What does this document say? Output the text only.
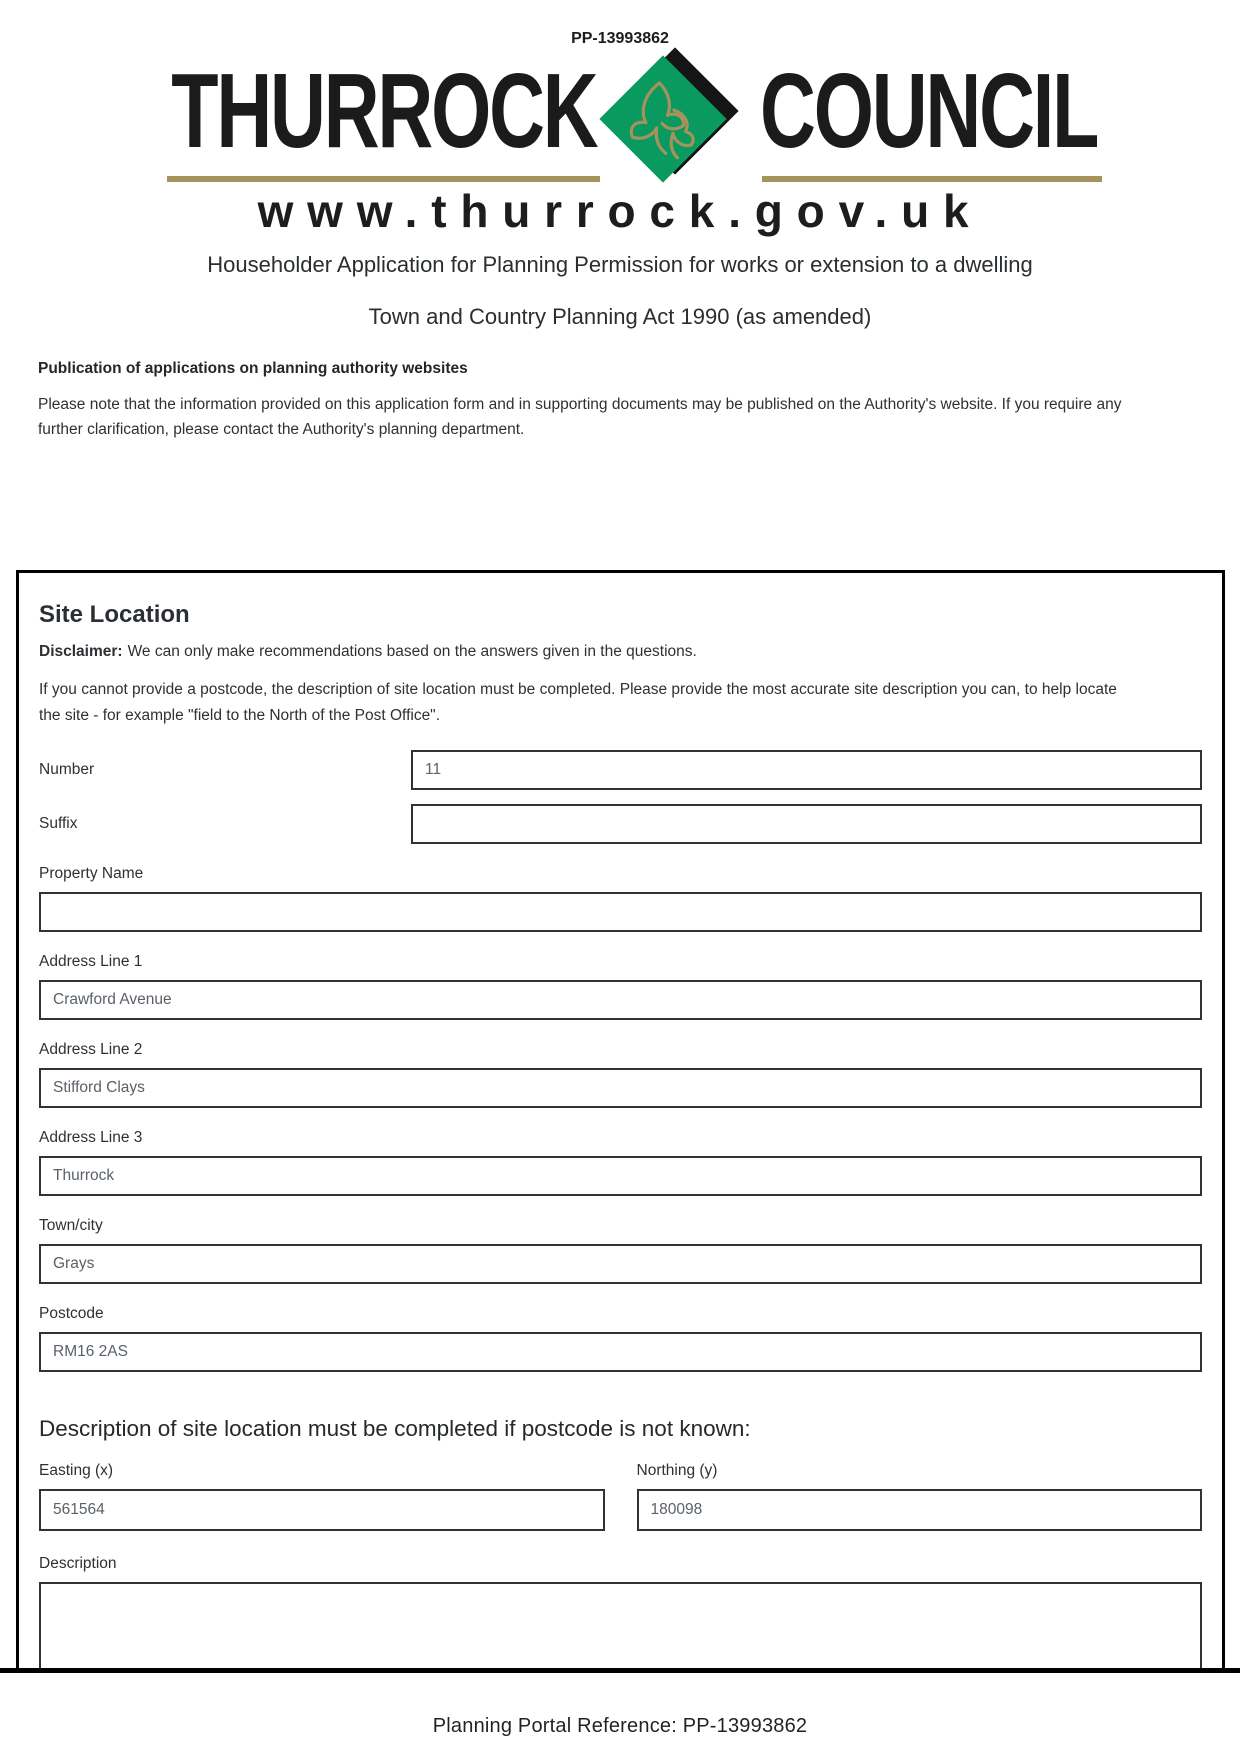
PP-13993862
THURROCK COUNCIL
www.thurrock.gov.uk
Householder Application for Planning Permission for works or extension to a dwelling
Town and Country Planning Act 1990 (as amended)
Publication of applications on planning authority websites
Please note that the information provided on this application form and in supporting documents may be published on the Authority's website. If you require any further clarification, please contact the Authority's planning department.
Site Location
Disclaimer: We can only make recommendations based on the answers given in the questions.
If you cannot provide a postcode, the description of site location must be completed. Please provide the most accurate site description you can, to help locate the site - for example "field to the North of the Post Office".
Number
11
Suffix
Property Name
Address Line 1
Crawford Avenue
Address Line 2
Stifford Clays
Address Line 3
Thurrock
Town/city
Grays
Postcode
RM16 2AS
Description of site location must be completed if postcode is not known:
Easting (x)
561564	Northing (y)
180098
Description
Planning Portal Reference: PP-13993862
